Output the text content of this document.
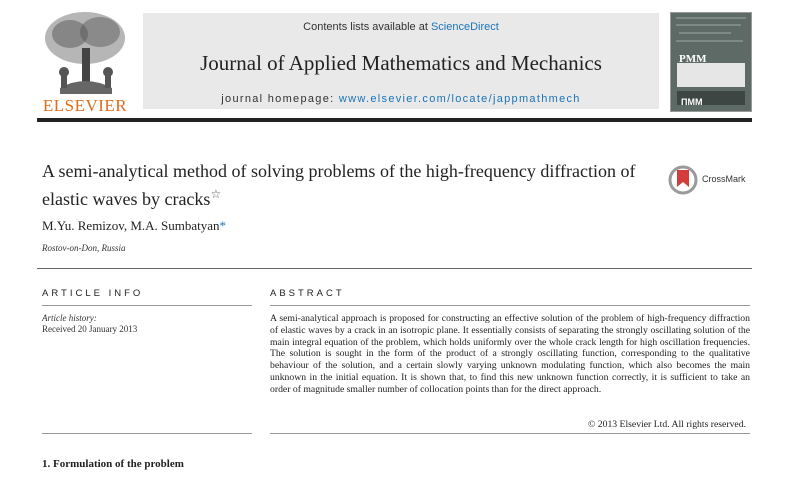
ELSEVIER
Contents lists available at ScienceDirect
Journal of Applied Mathematics and Mechanics
journal homepage: www.elsevier.com/locate/jappmathmech
PMM
ПММ
A semi-analytical method of solving problems of the high-frequency diffraction of elastic waves by cracks☆
CrossMark
M.Yu. Remizov, M.A. Sumbatyan*
Rostov-on-Don, Russia
ARTICLE INFO
Article history:
Received 20 January 2013
ABSTRACT
A semi-analytical approach is proposed for constructing an effective solution of the problem of high-frequency diffraction of elastic waves by a crack in an isotropic plane. It essentially consists of separating the strongly oscillating solution of the main integral equation of the problem, which holds uniformly over the whole crack length for high oscillation frequencies. The solution is sought in the form of the product of a strongly oscillating function, corresponding to the qualitative behaviour of the solution, and a certain slowly varying unknown modulating function, which also becomes the main unknown in the initial equation. It is shown that, to find this new unknown function correctly, it is sufficient to take an order of magnitude smaller number of collocation points than for the direct approach.
© 2013 Elsevier Ltd. All rights reserved.
1. Formulation of the problem
